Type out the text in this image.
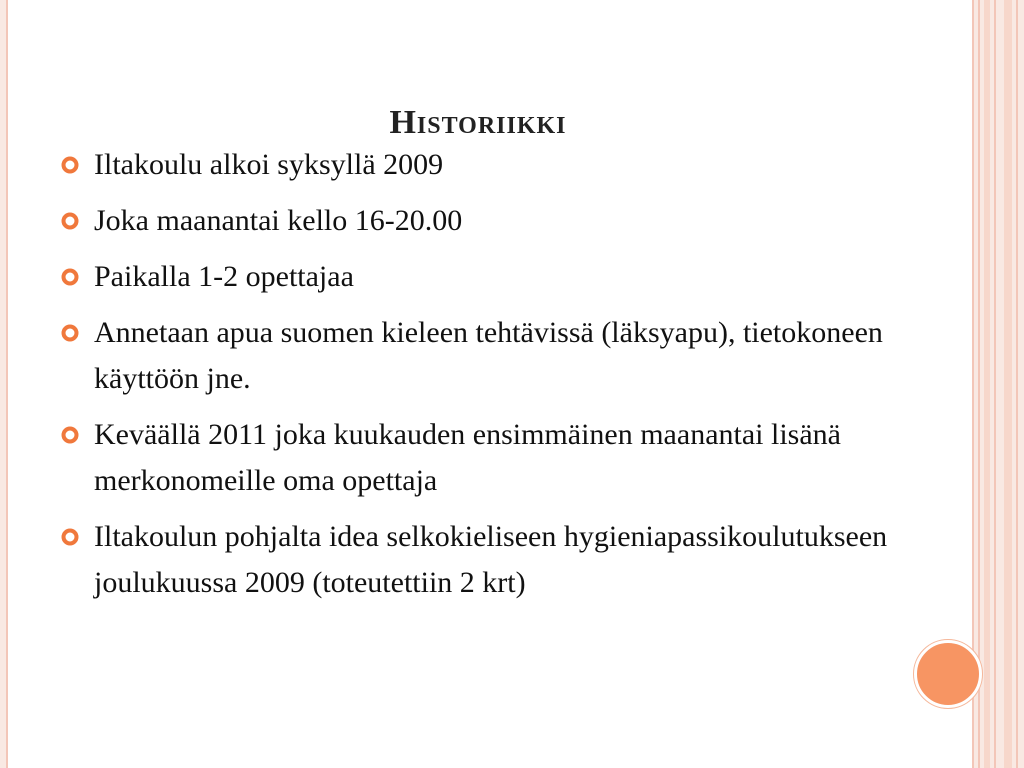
Historiikki
Iltakoulu alkoi syksyllä 2009
Joka maanantai kello 16-20.00
Paikalla 1-2 opettajaa
Annetaan apua suomen kieleen tehtävissä (läksyapu), tietokoneen käyttöön jne.
Keväällä 2011 joka kuukauden ensimmäinen maanantai lisänä merkonomeille oma opettaja
Iltakoulun pohjalta idea selkokieliseen hygieniapassikoulutukseen joulukuussa 2009 (toteutettiin 2 krt)
